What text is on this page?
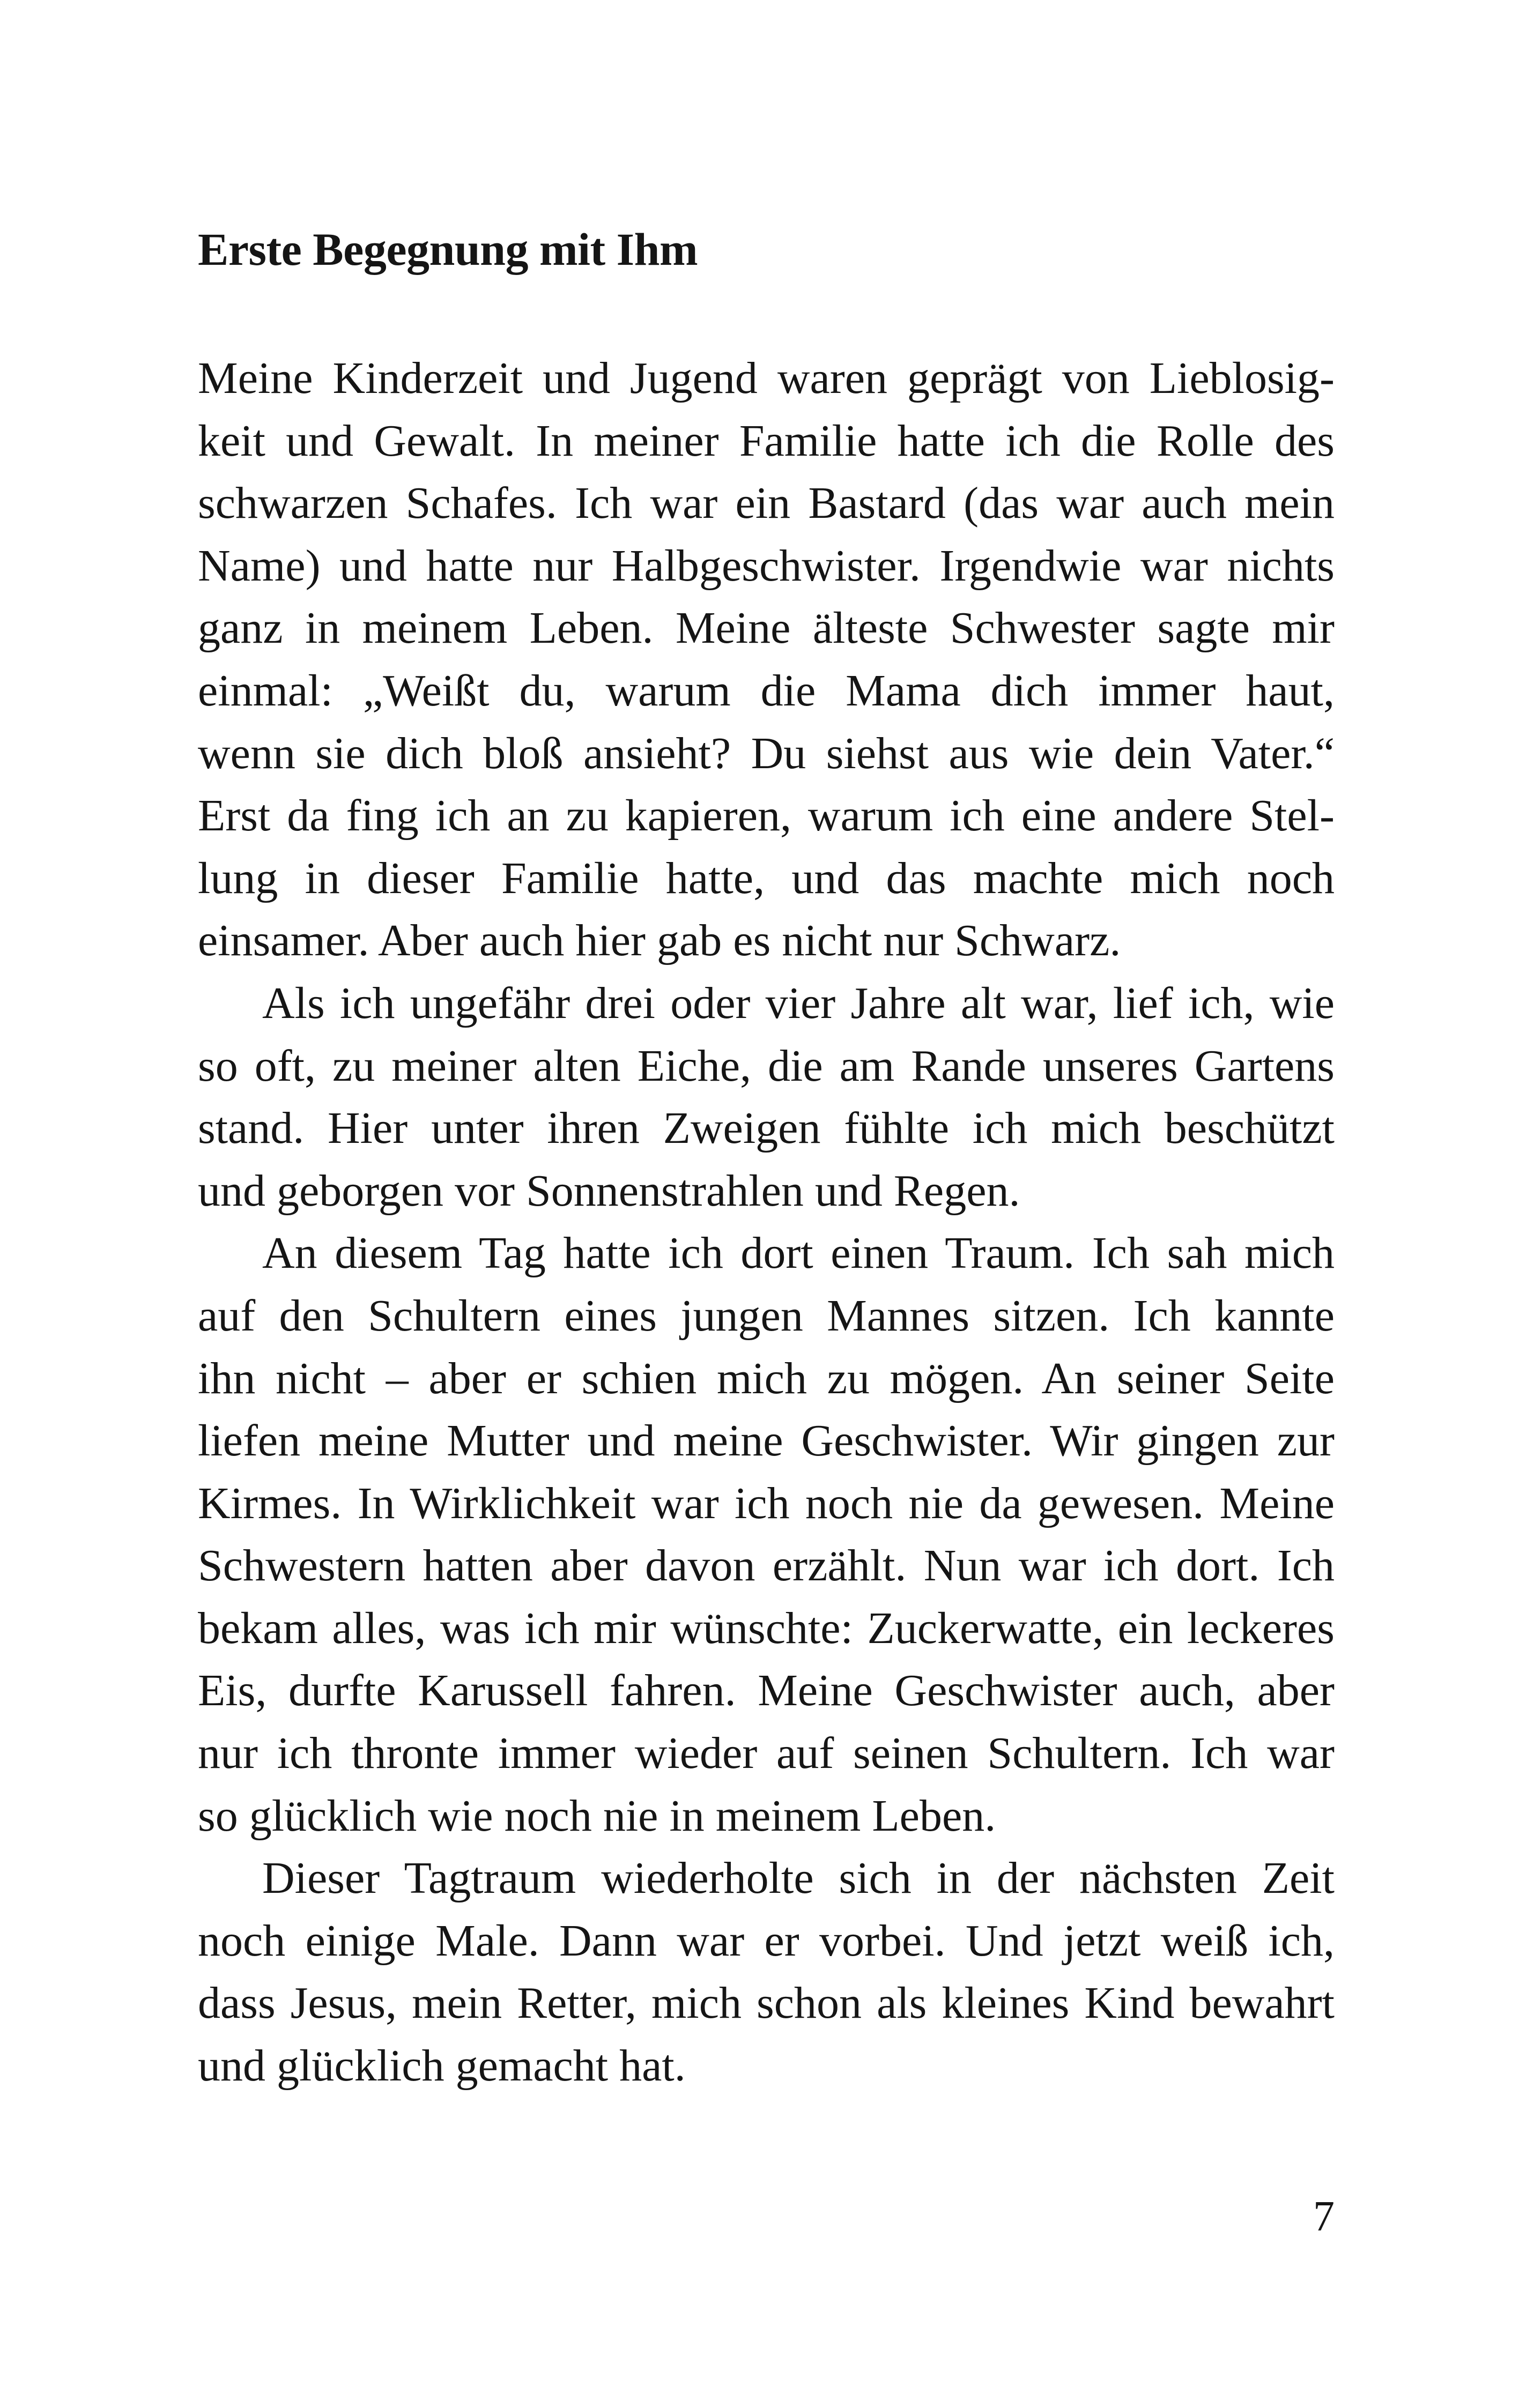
Erste Begegnung mit Ihm
Meine Kinderzeit und Jugend waren geprägt von Lieblosig-
keit und Gewalt. In meiner Familie hatte ich die Rolle des
schwarzen Schafes. Ich war ein Bastard (das war auch mein
Name) und hatte nur Halbgeschwister. Irgendwie war nichts
ganz in meinem Leben. Meine älteste Schwester sagte mir
einmal: „Weißt du, warum die Mama dich immer haut,
wenn sie dich bloß ansieht? Du siehst aus wie dein Vater.“
Erst da fing ich an zu kapieren, warum ich eine andere Stel-
lung in dieser Familie hatte, und das machte mich noch
einsamer. Aber auch hier gab es nicht nur Schwarz.
Als ich ungefähr drei oder vier Jahre alt war, lief ich, wie
so oft, zu meiner alten Eiche, die am Rande unseres Gartens
stand. Hier unter ihren Zweigen fühlte ich mich beschützt
und geborgen vor Sonnenstrahlen und Regen.
An diesem Tag hatte ich dort einen Traum. Ich sah mich
auf den Schultern eines jungen Mannes sitzen. Ich kannte
ihn nicht – aber er schien mich zu mögen. An seiner Seite
liefen meine Mutter und meine Geschwister. Wir gingen zur
Kirmes. In Wirklichkeit war ich noch nie da gewesen. Meine
Schwestern hatten aber davon erzählt. Nun war ich dort. Ich
bekam alles, was ich mir wünschte: Zuckerwatte, ein leckeres
Eis, durfte Karussell fahren. Meine Geschwister auch, aber
nur ich thronte immer wieder auf seinen Schultern. Ich war
so glücklich wie noch nie in meinem Leben.
Dieser Tagtraum wiederholte sich in der nächsten Zeit
noch einige Male. Dann war er vorbei. Und jetzt weiß ich,
dass Jesus, mein Retter, mich schon als kleines Kind bewahrt
und glücklich gemacht hat.
7
